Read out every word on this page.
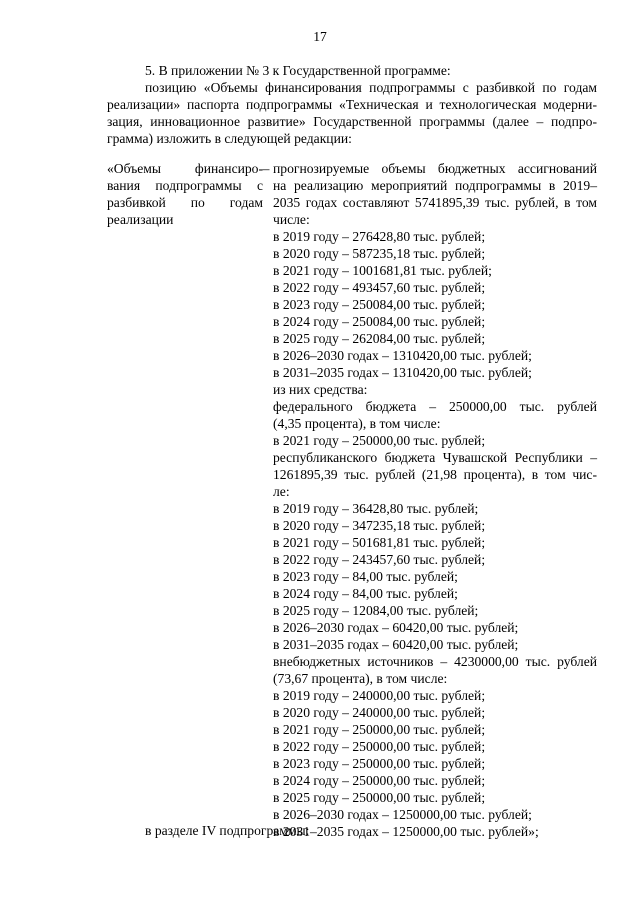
17

5. В приложении № 3 к Государственной программе:

позицию «Объемы финансирования подпрограммы с разбивкой по годам

реализации» паспорта подпрограммы «Техническая и технологическая модерни-

зация, инновационное развитие» Государственной программы (далее – подпро-

грамма) изложить в следующей редакции:

«Объемы финансиро-
вания подпрограммы с
разбивкой по годам
реализации
– прогнозируемые объемы бюджетных ассигнований
на реализацию мероприятий подпрограммы в 2019–
2035 годах составляют 5741895,39 тыс. рублей, в том
числе:
в 2019 году – 276428,80 тыс. рублей;
в 2020 году – 587235,18 тыс. рублей;
в 2021 году – 1001681,81 тыс. рублей;
в 2022 году – 493457,60 тыс. рублей;
в 2023 году – 250084,00 тыс. рублей;
в 2024 году – 250084,00 тыс. рублей;
в 2025 году – 262084,00 тыс. рублей;
в 2026–2030 годах – 1310420,00 тыс. рублей;
в 2031–2035 годах – 1310420,00 тыс. рублей;
из них средства:
федерального бюджета – 250000,00 тыс. рублей
(4,35 процента), в том числе:
в 2021 году – 250000,00 тыс. рублей;
республиканского бюджета Чувашской Республики –
1261895,39 тыс. рублей (21,98 процента), в том чис-
ле:
в 2019 году – 36428,80 тыс. рублей;
в 2020 году – 347235,18 тыс. рублей;
в 2021 году – 501681,81 тыс. рублей;
в 2022 году – 243457,60 тыс. рублей;
в 2023 году – 84,00 тыс. рублей;
в 2024 году – 84,00 тыс. рублей;
в 2025 году – 12084,00 тыс. рублей;
в 2026–2030 годах – 60420,00 тыс. рублей;
в 2031–2035 годах – 60420,00 тыс. рублей;
внебюджетных источников – 4230000,00 тыс. рублей
(73,67 процента), в том числе:
в 2019 году – 240000,00 тыс. рублей;
в 2020 году – 240000,00 тыс. рублей;
в 2021 году – 250000,00 тыс. рублей;
в 2022 году – 250000,00 тыс. рублей;
в 2023 году – 250000,00 тыс. рублей;
в 2024 году – 250000,00 тыс. рублей;
в 2025 году – 250000,00 тыс. рублей;
в 2026–2030 годах – 1250000,00 тыс. рублей;
в 2031–2035 годах – 1250000,00 тыс. рублей»;
в разделе IV подпрограммы:
